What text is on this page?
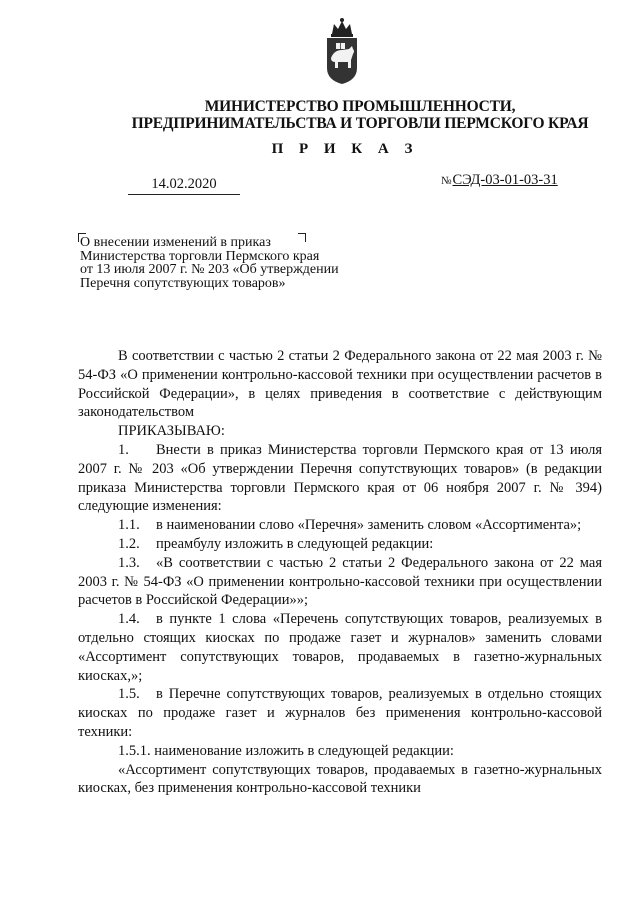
МИНИСТЕРСТВО ПРОМЫШЛЕННОСТИ,
ПРЕДПРИНИМАТЕЛЬСТВА И ТОРГОВЛИ ПЕРМСКОГО КРАЯ
П Р И К А З
14.02.2020	№СЭД-03-01-03-31
О внесении изменений в приказ
Министерства торговли Пермского края
от 13 июля 2007 г. № 203 «Об утверждении
Перечня сопутствующих товаров»

В соответствии с частью 2 статьи 2 Федерального закона от 22 мая 2003 г. № 54-ФЗ «О применении контрольно-кассовой техники при осуществлении расчетов в Российской Федерации», в целях приведения в соответствие с действующим законодательством

ПРИКАЗЫВАЮ:

1. Внести в приказ Министерства торговли Пермского края от 13 июля 2007 г. № 203 «Об утверждении Перечня сопутствующих товаров» (в редакции приказа Министерства торговли Пермского края от 06 ноября 2007 г. № 394) следующие изменения:

1.1. в наименовании слово «Перечня» заменить словом «Ассортимента»;

1.2. преамбулу изложить в следующей редакции:

1.3. «В соответствии с частью 2 статьи 2 Федерального закона от 22 мая 2003 г. № 54-ФЗ «О применении контрольно-кассовой техники при осуществлении расчетов в Российской Федерации»»;

1.4. в пункте 1 слова «Перечень сопутствующих товаров, реализуемых в отдельно стоящих киосках по продаже газет и журналов» заменить словами «Ассортимент сопутствующих товаров, продаваемых в газетно-журнальных киосках,»;

1.5. в Перечне сопутствующих товаров, реализуемых в отдельно стоящих киосках по продаже газет и журналов без применения контрольно-кассовой техники:

1.5.1. наименование изложить в следующей редакции:

«Ассортимент сопутствующих товаров, продаваемых в газетно-журнальных киосках, без применения контрольно-кассовой техники
